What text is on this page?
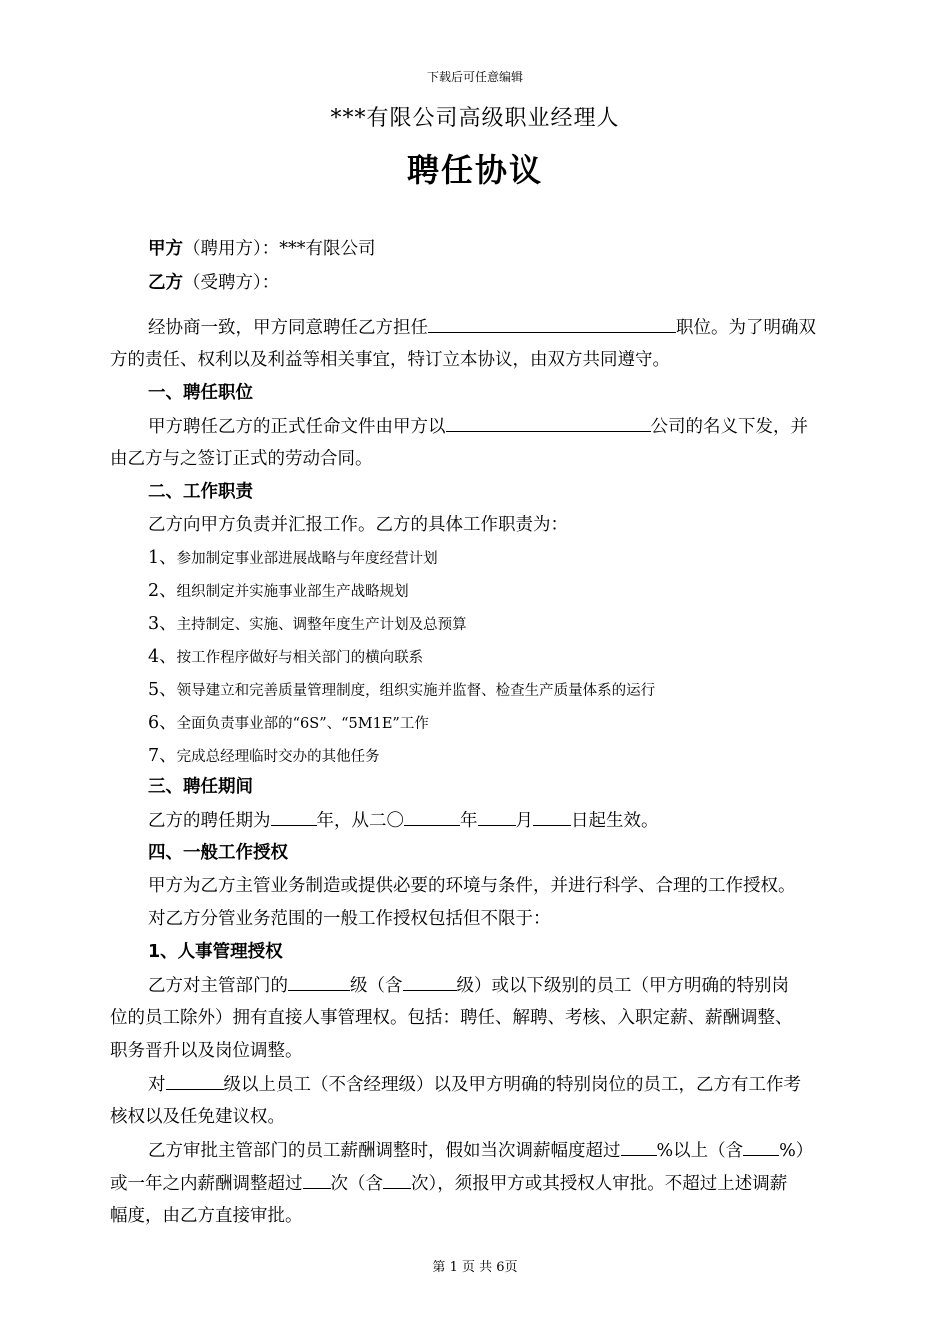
下载后可任意编辑
***有限公司高级职业经理人
聘任协议
甲方（聘用方）：***有限公司
乙方（受聘方）：
经协商一致，甲方同意聘任乙方担任	职位。为了明确双
方的责任、权利以及利益等相关事宜，特订立本协议，由双方共同遵守。
一、聘任职位
甲方聘任乙方的正式任命文件由甲方以	公司的名义下发，并
由乙方与之签订正式的劳动合同。
二、工作职责
乙方向甲方负责并汇报工作。乙方的具体工作职责为：
1、参加制定事业部进展战略与年度经营计划
2、组织制定并实施事业部生产战略规划
3、主持制定、实施、调整年度生产计划及总预算
4、按工作程序做好与相关部门的横向联系
5、领导建立和完善质量管理制度，组织实施并监督、检查生产质量体系的运行
6、全面负责事业部的“6S”、“5M1E”工作
7、完成总经理临时交办的其他任务
三、聘任期间
乙方的聘任期为	年，从二〇	年 月 日起生效。
四、一般工作授权
甲方为乙方主管业务制造或提供必要的环境与条件，并进行科学、合理的工作授权。
对乙方分管业务范围的一般工作授权包括但不限于：
1、人事管理授权
乙方对主管部门的	级（含	级）或以下级别的员工（甲方明确的特别岗
位的员工除外）拥有直接人事管理权。包括：聘任、解聘、考核、入职定薪、薪酬调整、
职务晋升以及岗位调整。
对	级以上员工（不含经理级）以及甲方明确的特别岗位的员工，乙方有工作考
核权以及任免建议权。
乙方审批主管部门的员工薪酬调整时，假如当次调薪幅度超过 %以上（含 %）
或一年之内薪酬调整超过 次（含 次），须报甲方或其授权人审批。不超过上述调薪
幅度，由乙方直接审批。
第 1 页 共 6页
